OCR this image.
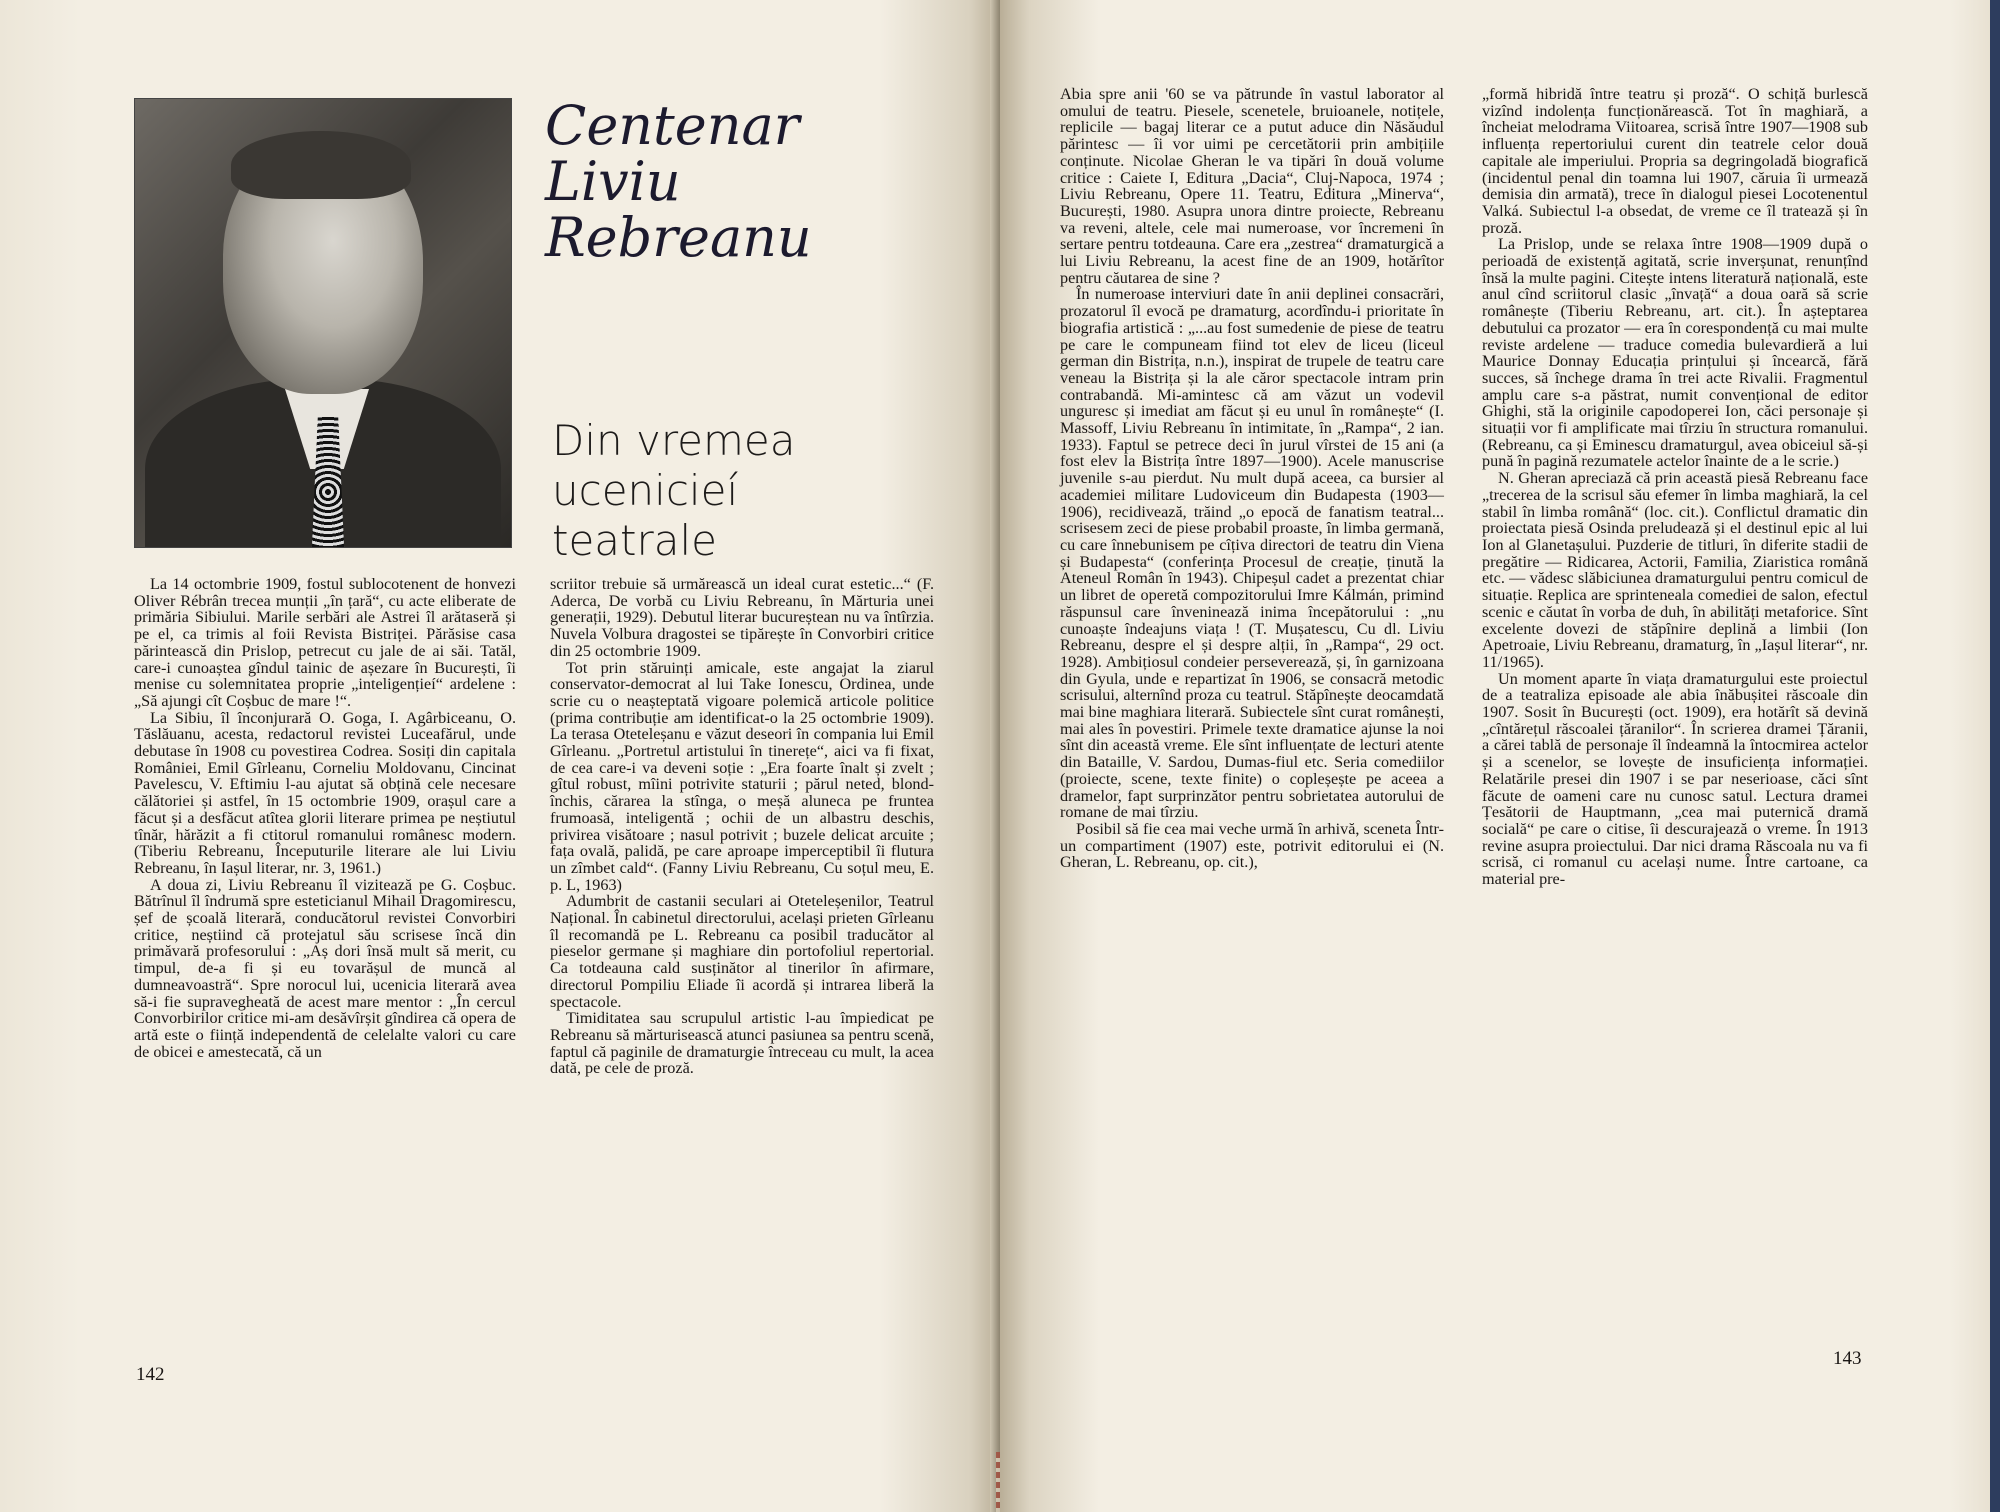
Centenar
Liviu Rebreanu
Din vremea ucenicieí teatrale

La 14 octombrie 1909, fostul sublocotenent de honvezi Oliver Rébrân trecea munții „în țară“, cu acte eliberate de primăria Sibiului. Marile serbări ale Astrei îl arătaseră și pe el, ca trimis al foii Revista Bistriței. Părăsise casa părintească din Prislop, petrecut cu jale de ai săi. Tatăl, care-i cunoaștea gîndul tainic de așezare în București, îi menise cu solemnitatea proprie „inteligențieí“ ardelene : „Să ajungi cît Coșbuc de mare !“.

La Sibiu, îl înconjurară O. Goga, I. Agârbiceanu, O. Tăslăuanu, acesta, redactorul revistei Luceafărul, unde debutase în 1908 cu povestirea Codrea. Sosiți din capitala României, Emil Gîrleanu, Corneliu Moldovanu, Cincinat Pavelescu, V. Eftimiu l-au ajutat să obțină cele necesare călătoriei și astfel, în 15 octombrie 1909, orașul care a făcut și a desfăcut atîtea glorii literare primea pe neștiutul tînăr, hărăzit a fi ctitorul romanului românesc modern. (Tiberiu Rebreanu, Începuturile literare ale lui Liviu Rebreanu, în Iașul literar, nr. 3, 1961.)

A doua zi, Liviu Rebreanu îl vizitează pe G. Coșbuc. Bătrînul îl îndrumă spre esteticianul Mihail Dragomirescu, șef de școală literară, conducătorul revistei Convorbiri critice, neștiind că protejatul său scrisese încă din primăvară profesorului : „Aș dori însă mult să merit, cu timpul, de-a fi și eu tovarășul de muncă al dumneavoastră“. Spre norocul lui, ucenicia literară avea să-i fie supravegheată de acest mare mentor : „În cercul Convorbirilor critice mi-am desăvîrșit gîndirea că opera de artă este o ființă independentă de celelalte valori cu care de obicei e amestecată, că un

scriitor trebuie să urmărească un ideal curat estetic...“ (F. Aderca, De vorbă cu Liviu Rebreanu, în Mărturia unei generații, 1929). Debutul literar bucureștean nu va întîrzia. Nuvela Volbura dragostei se tipărește în Convorbiri critice din 25 octombrie 1909.

Tot prin stăruinți amicale, este angajat la ziarul conservator-democrat al lui Take Ionescu, Ordinea, unde scrie cu o neașteptată vigoare polemică articole politice (prima contribuție am identificat-o la 25 octombrie 1909). La terasa Oteteleșanu e văzut deseori în compania lui Emil Gîrleanu. „Portretul artistului în tinerețe“, aici va fi fixat, de cea care-i va deveni soție : „Era foarte înalt și zvelt ; gîtul robust, mîini potrivite staturii ; părul neted, blond-închis, cărarea la stînga, o meșă aluneca pe fruntea frumoasă, inteligentă ; ochii de un albastru deschis, privirea visătoare ; nasul potrivit ; buzele delicat arcuite ; fața ovală, palidă, pe care aproape imperceptibil îi flutura un zîmbet cald“. (Fanny Liviu Rebreanu, Cu soțul meu, E. p. L, 1963)

Adumbrit de castanii seculari ai Oteteleșenilor, Teatrul Național. În cabinetul directorului, același prieten Gîrleanu îl recomandă pe L. Rebreanu ca posibil traducător al pieselor germane și maghiare din portofoliul repertorial. Ca totdeauna cald susținător al tinerilor în afirmare, directorul Pompiliu Eliade îi acordă și intrarea liberă la spectacole.

Timiditatea sau scrupulul artistic l-au împiedicat pe Rebreanu să mărturisească atunci pasiunea sa pentru scenă, faptul că paginile de dramaturgie întreceau cu mult, la acea dată, pe cele de proză.

142

Abia spre anii '60 se va pătrunde în vastul laborator al omului de teatru. Piesele, scenetele, bruioanele, notițele, replicile — bagaj literar ce a putut aduce din Năsăudul părintesc — îi vor uimi pe cercetătorii prin ambițiile conținute. Nicolae Gheran le va tipări în două volume critice : Caiete I, Editura „Dacia“, Cluj-Napoca, 1974 ; Liviu Rebreanu, Opere 11. Teatru, Editura „Minerva“, București, 1980. Asupra unora dintre proiecte, Rebreanu va reveni, altele, cele mai numeroase, vor încremeni în sertare pentru totdeauna. Care era „zestrea“ dramaturgică a lui Liviu Rebreanu, la acest fine de an 1909, hotărîtor pentru căutarea de sine ?

În numeroase interviuri date în anii deplinei consacrări, prozatorul îl evocă pe dramaturg, acordîndu-i prioritate în biografia artistică : „...au fost sumedenie de piese de teatru pe care le compuneam fiind tot elev de liceu (liceul german din Bistrița, n.n.), inspirat de trupele de teatru care veneau la Bistrița și la ale căror spectacole intram prin contrabandă. Mi-amintesc că am văzut un vodevil unguresc și imediat am făcut și eu unul în românește“ (I. Massoff, Liviu Rebreanu în intimitate, în „Rampa“, 2 ian. 1933). Faptul se petrece deci în jurul vîrstei de 15 ani (a fost elev la Bistrița între 1897—1900). Acele manuscrise juvenile s-au pierdut. Nu mult după aceea, ca bursier al academiei militare Ludoviceum din Budapesta (1903—1906), recidivează, trăind „o epocă de fanatism teatral... scrisesem zeci de piese probabil proaste, în limba germană, cu care înnebunisem pe cîțiva directori de teatru din Viena și Budapesta“ (conferința Procesul de creație, ținută la Ateneul Român în 1943). Chipeșul cadet a prezentat chiar un libret de operetă compozitorului Imre Kálmán, primind răspunsul care înveninează inima începătorului : „nu cunoaște îndeajuns viața ! (T. Mușatescu, Cu dl. Liviu Rebreanu, despre el și despre alții, în „Rampa“, 29 oct. 1928). Ambițiosul condeier perseverează, și, în garnizoana din Gyula, unde e repartizat în 1906, se consacră metodic scrisului, alternînd proza cu teatrul. Stăpînește deocamdată mai bine maghiara literară. Subiectele sînt curat românești, mai ales în povestiri. Primele texte dramatice ajunse la noi sînt din această vreme. Ele sînt influențate de lecturi atente din Bataille, V. Sardou, Dumas-fiul etc. Seria comediilor (proiecte, scene, texte finite) o copleșește pe aceea a dramelor, fapt surprinzător pentru sobrietatea autorului de romane de mai tîrziu.

Posibil să fie cea mai veche urmă în arhivă, sceneta Într-un compartiment (1907) este, potrivit editorului ei (N. Gheran, L. Rebreanu, op. cit.),

„formă hibridă între teatru și proză“. O schiță burlescă vizînd indolența funcționărească. Tot în maghiară, a încheiat melodrama Viitoarea, scrisă între 1907—1908 sub influența repertoriului curent din teatrele celor două capitale ale imperiului. Propria sa degringoladă biografică (incidentul penal din toamna lui 1907, căruia îi urmează demisia din armată), trece în dialogul piesei Locotenentul Valká. Subiectul l-a obsedat, de vreme ce îl tratează și în proză.

La Prislop, unde se relaxa între 1908—1909 după o perioadă de existență agitată, scrie inverșunat, renunțînd însă la multe pagini. Citește intens literatură națională, este anul cînd scriitorul clasic „învață“ a doua oară să scrie românește (Tiberiu Rebreanu, art. cit.). În așteptarea debutului ca prozator — era în corespondență cu mai multe reviste ardelene — traduce comedia bulevardieră a lui Maurice Donnay Educația prințului și încearcă, fără succes, să închege drama în trei acte Rivalii. Fragmentul amplu care s-a păstrat, numit convențional de editor Ghighi, stă la originile capodoperei Ion, căci personaje și situații vor fi amplificate mai tîrziu în structura romanului. (Rebreanu, ca și Eminescu dramaturgul, avea obiceiul să-și pună în pagină rezumatele actelor înainte de a le scrie.)

N. Gheran apreciază că prin această piesă Rebreanu face „trecerea de la scrisul său efemer în limba maghiară, la cel stabil în limba română“ (loc. cit.). Conflictul dramatic din proiectata piesă Osinda preludează și el destinul epic al lui Ion al Glanetașului. Puzderie de titluri, în diferite stadii de pregătire — Ridicarea, Actorii, Familia, Ziaristica română etc. — vădesc slăbiciunea dramaturgului pentru comicul de situație. Replica are sprinteneala comediei de salon, efectul scenic e căutat în vorba de duh, în abilități metaforice. Sînt excelente dovezi de stăpînire deplină a limbii (Ion Apetroaie, Liviu Rebreanu, dramaturg, în „Iașul literar“, nr. 11/1965).

Un moment aparte în viața dramaturgului este proiectul de a teatraliza episoade ale abia înăbușitei răscoale din 1907. Sosit în București (oct. 1909), era hotărît să devină „cîntărețul răscoalei țăranilor“. În scrierea dramei Țăranii, a cărei tablă de personaje îl îndeamnă la întocmirea actelor și a scenelor, se lovește de insuficiența informației. Relatările presei din 1907 i se par neserioase, căci sînt făcute de oameni care nu cunosc satul. Lectura dramei Țesătorii de Hauptmann, „cea mai puternică dramă socială“ pe care o citise, îi descurajează o vreme. În 1913 revine asupra proiectului. Dar nici drama Răscoala nu va fi scrisă, ci romanul cu același nume. Între cartoane, ca material pre-

143
